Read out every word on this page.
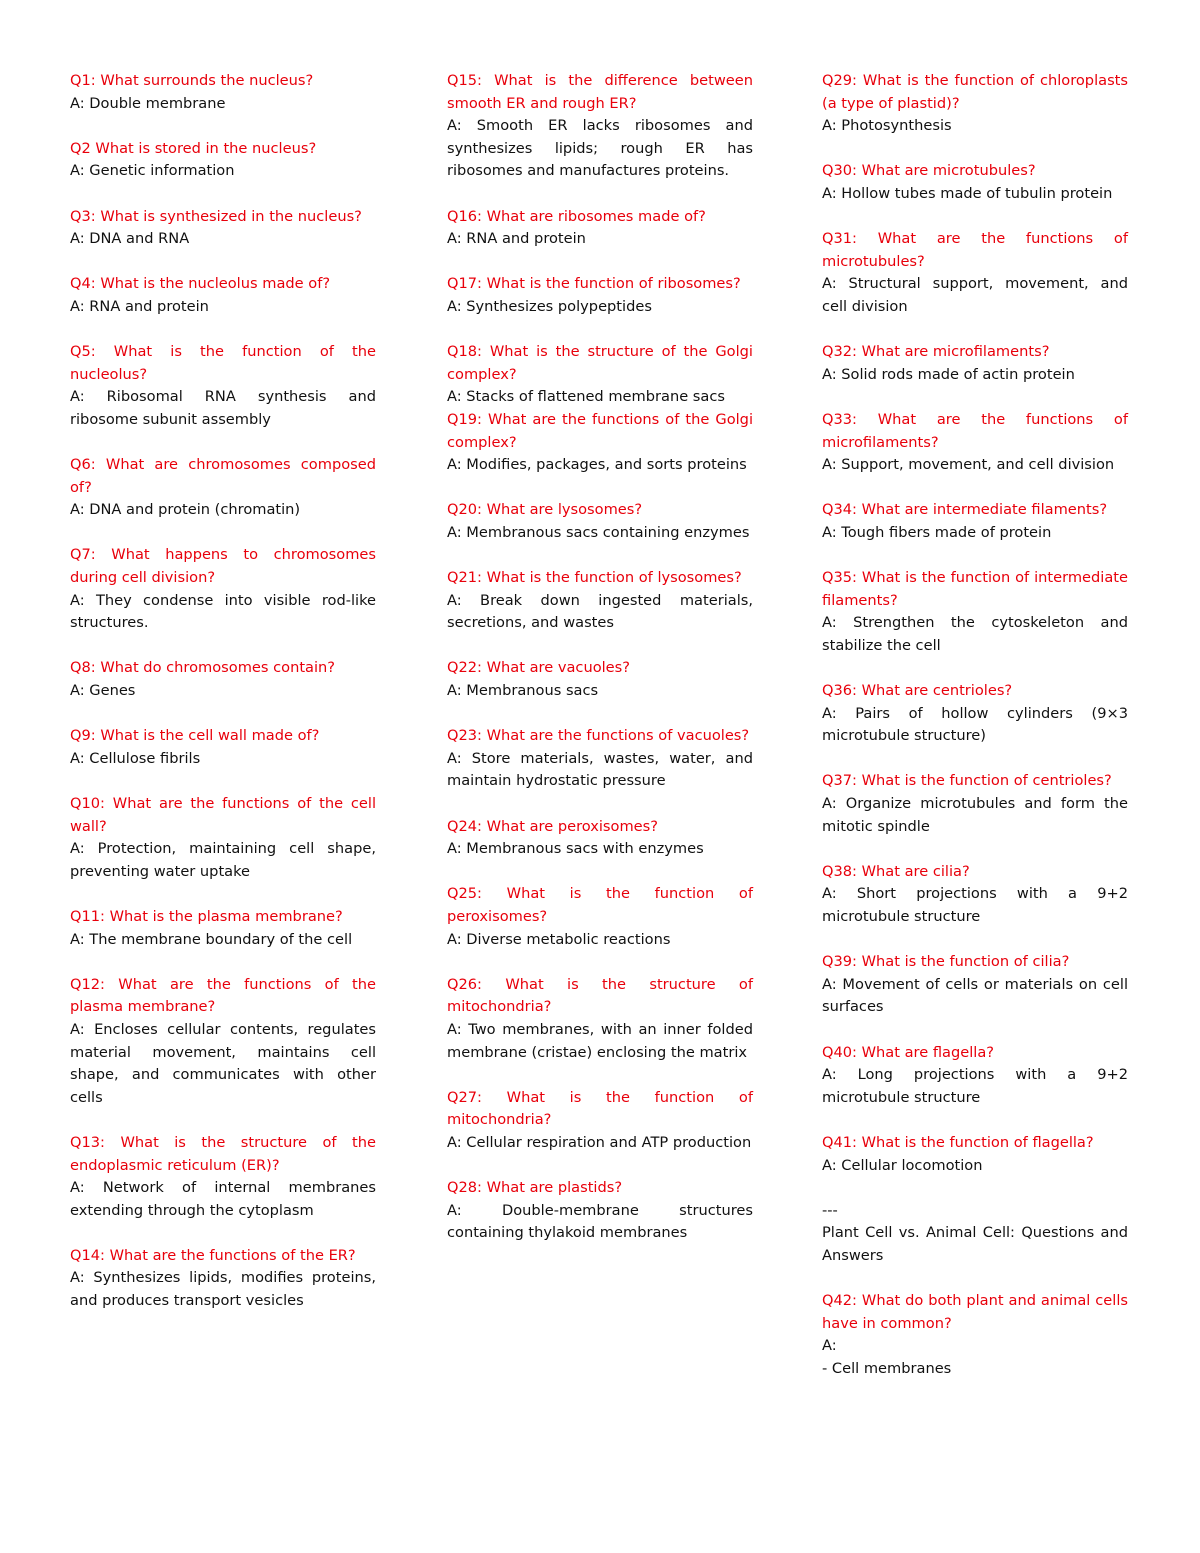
Q1: What surrounds the nucleus?
A: Double membrane
Q2 What is stored in the nucleus?
A: Genetic information
Q3: What is synthesized in the nucleus?
A: DNA and RNA
Q4: What is the nucleolus made of?
A: RNA and protein
Q5: What is the function of the nucleolus?
A: Ribosomal RNA synthesis and ribosome subunit assembly
Q6: What are chromosomes composed of?
A: DNA and protein (chromatin)
Q7: What happens to chromosomes during cell division?
A: They condense into visible rod-like structures.
Q8: What do chromosomes contain?
A: Genes
Q9: What is the cell wall made of?
A: Cellulose fibrils
Q10: What are the functions of the cell wall?
A: Protection, maintaining cell shape, preventing water uptake
Q11: What is the plasma membrane?
A: The membrane boundary of the cell
Q12: What are the functions of the plasma membrane?
A: Encloses cellular contents, regulates material movement, maintains cell shape, and communicates with other cells
Q13: What is the structure of the endoplasmic reticulum (ER)?
A: Network of internal membranes extending through the cytoplasm
Q14: What are the functions of the ER?
A: Synthesizes lipids, modifies proteins, and produces transport vesicles
Q15: What is the difference between smooth ER and rough ER?
A: Smooth ER lacks ribosomes and synthesizes lipids; rough ER has ribosomes and manufactures proteins.
Q16: What are ribosomes made of?
A: RNA and protein
Q17: What is the function of ribosomes?
A: Synthesizes polypeptides
Q18: What is the structure of the Golgi complex?
A: Stacks of flattened membrane sacs
Q19: What are the functions of the Golgi complex?
A: Modifies, packages, and sorts proteins
Q20: What are lysosomes?
A: Membranous sacs containing enzymes
Q21: What is the function of lysosomes?
A: Break down ingested materials, secretions, and wastes
Q22: What are vacuoles?
A: Membranous sacs
Q23: What are the functions of vacuoles?
A: Store materials, wastes, water, and maintain hydrostatic pressure
Q24: What are peroxisomes?
A: Membranous sacs with enzymes
Q25: What is the function of peroxisomes?
A: Diverse metabolic reactions
Q26: What is the structure of mitochondria?
A: Two membranes, with an inner folded membrane (cristae) enclosing the matrix
Q27: What is the function of mitochondria?
A: Cellular respiration and ATP production
Q28: What are plastids?
A: Double-membrane structures containing thylakoid membranes
Q29: What is the function of chloroplasts (a type of plastid)?
A: Photosynthesis
Q30: What are microtubules?
A: Hollow tubes made of tubulin protein
Q31: What are the functions of microtubules?
A: Structural support, movement, and cell division
Q32: What are microfilaments?
A: Solid rods made of actin protein
Q33: What are the functions of microfilaments?
A: Support, movement, and cell division
Q34: What are intermediate filaments?
A: Tough fibers made of protein
Q35: What is the function of intermediate filaments?
A: Strengthen the cytoskeleton and stabilize the cell
Q36: What are centrioles?
A: Pairs of hollow cylinders (9×3 microtubule structure)
Q37: What is the function of centrioles?
A: Organize microtubules and form the mitotic spindle
Q38: What are cilia?
A: Short projections with a 9+2 microtubule structure
Q39: What is the function of cilia?
A: Movement of cells or materials on cell surfaces
Q40: What are flagella?
A: Long projections with a 9+2 microtubule structure
Q41: What is the function of flagella?
A: Cellular locomotion
---
Plant Cell vs. Animal Cell: Questions and Answers
Q42: What do both plant and animal cells have in common?
A:
- Cell membranes
